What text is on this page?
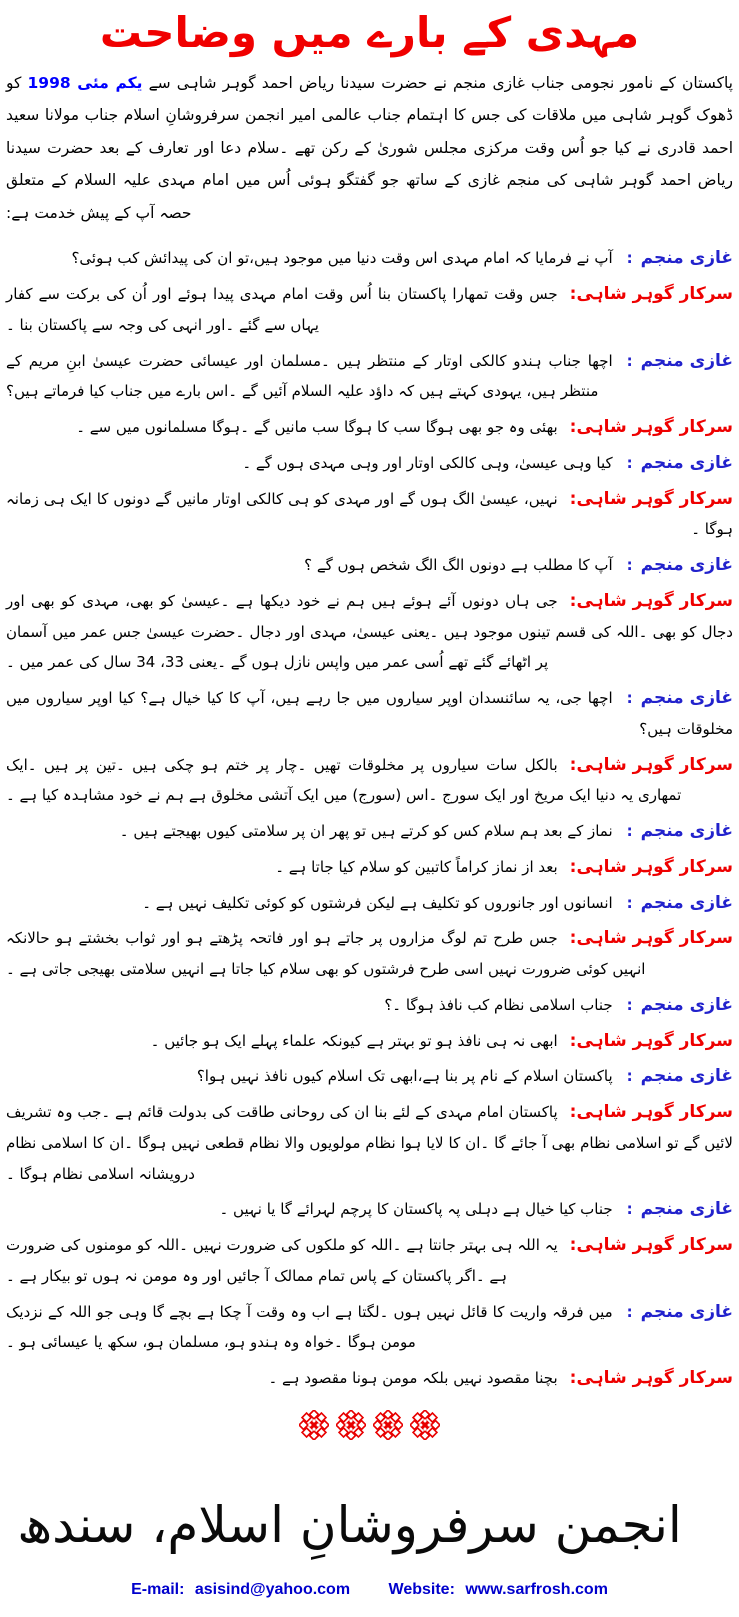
مہدی کے بارے میں وضاحت

پاکستان کے نامور نجومی جناب غازی منجم نے حضرت سیدنا ریاض احمد گوہر شاہی سے یکم مئی 1998 کو ڈھوک گوہر شاہی میں ملاقات کی جس کا اہتمام جناب عالمی امیر انجمن سرفروشانِ اسلام جناب مولانا سعید احمد قادری نے کیا جو اُس وقت مرکزی مجلس شوریٰ کے رکن تھے ۔سلام دعا اور تعارف کے بعد حضرت سیدنا ریاض احمد گوہر شاہی کی منجم غازی کے ساتھ جو گفتگو ہوئی اُس میں امام مہدی علیہ السلام کے متعلق حصہ آپ کے پیش خدمت ہے:

غازی منجم:آپ نے فرمایا کہ امام مہدی اس وقت دنیا میں موجود ہیں،تو ان کی پیدائش کب ہوئی؟
سرکار گوہر شاہی:جس وقت تمھارا پاکستان بنا اُس وقت امام مہدی پیدا ہوئے اور اُن کی برکت سے کفار یہاں سے گئے ۔اور انہی کی وجہ سے پاکستان بنا ۔
غازی منجم:اچھا جناب ہندو کالکی اوتار کے منتظر ہیں ۔مسلمان اور عیسائی حضرت عیسیٰ ابنِ مریم کے منتظر ہیں، یہودی کہتے ہیں کہ داؤد علیہ السلام آئیں گے ۔اس بارے میں جناب کیا فرماتے ہیں؟
سرکار گوہر شاہی:بھئی وہ جو بھی ہوگا سب کا ہوگا سب مانیں گے ۔ہوگا مسلمانوں میں سے ۔
غازی منجم:کیا وہی عیسیٰ، وہی کالکی اوتار اور وہی مہدی ہوں گے ۔
سرکار گوہر شاہی:نہیں، عیسیٰ الگ ہوں گے اور مہدی کو ہی کالکی اوتار مانیں گے دونوں کا ایک ہی زمانہ ہوگا ۔
غازی منجم:آپ کا مطلب ہے دونوں الگ الگ شخص ہوں گے ؟
سرکار گوہر شاہی:جی ہاں دونوں آئے ہوئے ہیں ہم نے خود دیکھا ہے ۔عیسیٰ کو بھی، مہدی کو بھی اور دجال کو بھی ۔اللہ کی قسم تینوں موجود ہیں ۔یعنی عیسیٰ، مہدی اور دجال ۔حضرت عیسیٰ جس عمر میں آسمان پر اٹھائے گئے تھے اُسی عمر میں واپس نازل ہوں گے ۔یعنی 33، 34 سال کی عمر میں ۔
غازی منجم:اچھا جی، یہ سائنسدان اوپر سیاروں میں جا رہے ہیں، آپ کا کیا خیال ہے؟ کیا اوپر سیاروں میں مخلوقات ہیں؟
سرکار گوہر شاہی:بالکل سات سیاروں پر مخلوقات تھیں ۔چار پر ختم ہو چکی ہیں ۔تین پر ہیں ۔ایک تمھاری یہ دنیا ایک مریخ اور ایک سورج ۔اس (سورج) میں ایک آتشی مخلوق ہے ہم نے خود مشاہدہ کیا ہے ۔
غازی منجم:نماز کے بعد ہم سلام کس کو کرتے ہیں تو پھر ان پر سلامتی کیوں بھیجتے ہیں ۔
سرکار گوہر شاہی:بعد از نماز کراماً کاتبین کو سلام کیا جاتا ہے ۔
غازی منجم:انسانوں اور جانوروں کو تکلیف ہے لیکن فرشتوں کو کوئی تکلیف نہیں ہے ۔
سرکار گوہر شاہی:جس طرح تم لوگ مزاروں پر جاتے ہو اور فاتحہ پڑھتے ہو اور ثواب بخشتے ہو حالانکہ انہیں کوئی ضرورت نہیں اسی طرح فرشتوں کو بھی سلام کیا جاتا ہے انہیں سلامتی بھیجی جاتی ہے ۔
غازی منجم:جناب اسلامی نظام کب نافذ ہوگا ۔؟
سرکار گوہر شاہی:ابھی نہ ہی نافذ ہو تو بہتر ہے کیونکہ علماء پہلے ایک ہو جائیں ۔
غازی منجم:پاکستان اسلام کے نام پر بنا ہے،ابھی تک اسلام کیوں نافذ نہیں ہوا؟
سرکار گوہر شاہی:پاکستان امام مہدی کے لئے بنا ان کی روحانی طاقت کی بدولت قائم ہے ۔جب وہ تشریف لائیں گے تو اسلامی نظام بھی آ جائے گا ۔ان کا لایا ہوا نظام مولویوں والا نظام قطعی نہیں ہوگا ۔ان کا اسلامی نظام درویشانہ اسلامی نظام ہوگا ۔
غازی منجم:جناب کیا خیال ہے دہلی پہ پاکستان کا پرچم لہرائے گا یا نہیں ۔
سرکار گوہر شاہی:یہ اللہ ہی بہتر جانتا ہے ۔اللہ کو ملکوں کی ضرورت نہیں ۔اللہ کو مومنوں کی ضرورت ہے ۔اگر پاکستان کے پاس تمام ممالک آ جائیں اور وہ مومن نہ ہوں تو بیکار ہے ۔
غازی منجم:میں فرقہ واریت کا قائل نہیں ہوں ۔لگتا ہے اب وہ وقت آ چکا ہے بچے گا وہی جو اللہ کے نزدیک مومن ہوگا ۔خواہ وہ ہندو ہو، مسلمان ہو، سکھ یا عیسائی ہو ۔
سرکار گوہر شاہی:بچنا مقصود نہیں بلکہ مومن ہونا مقصود ہے ۔

انجمن سرفروشانِ اسلام، سندھ
E-mail: asisind@yahoo.com Website: www.sarfrosh.com
